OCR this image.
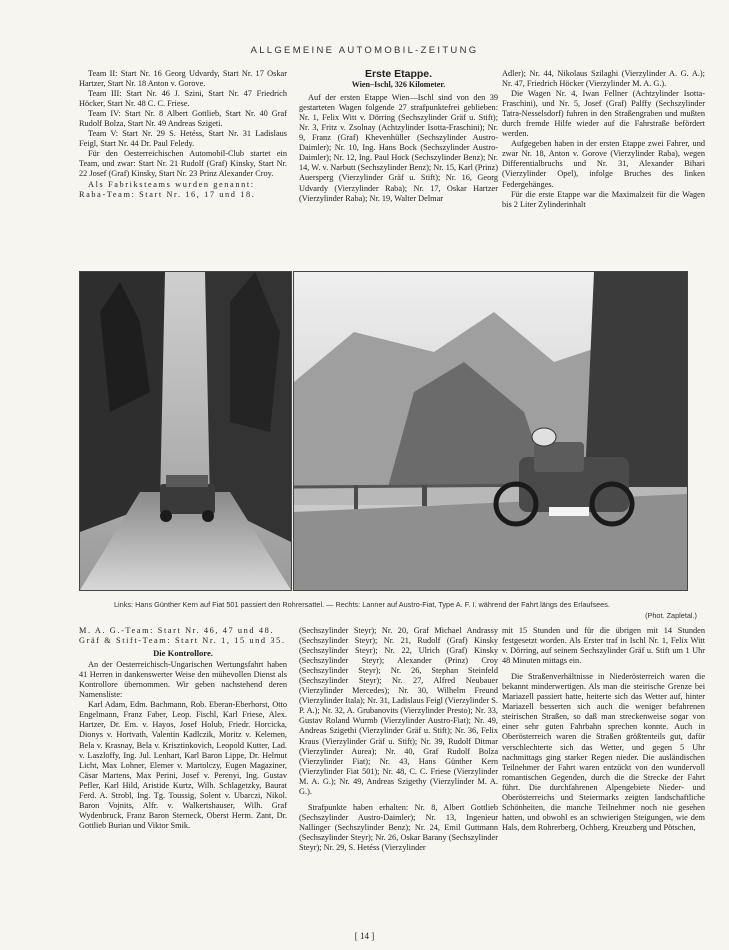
ALLGEMEINE AUTOMOBIL-ZEITUNG

Team II: Start Nr. 16 Georg Udvardy, Start Nr. 17 Oskar Hartzer, Start Nr. 18 Anton v. Gorove.

Team III: Start Nr. 46 J. Szini, Start Nr. 47 Friedrich Höcker, Start Nr. 48 C. C. Friese.

Team IV: Start Nr. 8 Albert Gottlieb, Start Nr. 40 Graf Rudolf Bolza, Start Nr. 49 Andreas Szigeti.

Team V: Start Nr. 29 S. Hetéss, Start Nr. 31 Ladislaus Feigl, Start Nr. 44 Dr. Paul Feledy.

Für den Oesterreichischen Automobil-Club startet ein Team, und zwar: Start Nr. 21 Rudolf (Graf) Kinsky, Start Nr. 22 Josef (Graf) Kinsky, Start Nr. 23 Prinz Alexander Croy.

Als Fabriksteams wurden genannt:

Raba-Team: Start Nr. 16, 17 und 18.

Erste Etappe.
Wien–Ischl, 326 Kilometer.

Auf der ersten Etappe Wien—Ischl sind von den 39 gestarteten Wagen folgende 27 strafpunktefrei geblieben: Nr. 1, Felix Witt v. Dörring (Sechszylinder Gräf u. Stift); Nr. 3, Fritz v. Zsolnay (Achtzylinder Isotta-Fraschini); Nr. 9, Franz (Graf) Khevenhüller (Sechszylinder Austro-Daimler); Nr. 10, Ing. Hans Bock (Sechszylinder Austro-Daimler); Nr. 12, Ing. Paul Hock (Sechszylinder Benz); Nr. 14, W. v. Narbutt (Sechszylinder Benz); Nr. 15, Karl (Prinz) Auersperg (Vierzylinder Gräf u. Stift); Nr. 16, Georg Udvardy (Vierzylinder Raba); Nr. 17, Oskar Hartzer (Vierzylinder Raba); Nr. 19, Walter Delmar

Adler); Nr. 44, Nikolaus Szilaghi (Vierzylinder A. G. A.); Nr. 47, Friedrich Höcker (Vierzylinder M. A. G.).

Die Wagen Nr. 4, Iwan Fellner (Achtzylinder Isotta-Fraschini), und Nr. 5, Josef (Graf) Palffy (Sechszylinder Tatra-Nesselsdorf) fuhren in den Straßengraben und mußten durch fremde Hilfe wieder auf die Fahrstraße befördert werden.

Aufgegeben haben in der ersten Etappe zwei Fahrer, und zwar Nr. 18, Anton v. Gorove (Vierzylinder Raba), wegen Differentialbruchs und Nr. 31, Alexander Bihari (Vierzylinder Opel), infolge Bruches des linken Federgehänges.

Für die erste Etappe war die Maximalzeit für die Wagen bis 2 Liter Zylinderinhalt

Links: Hans Günther Kern auf Fiat 501 passiert den Rohrersattel. — Rechts: Lanner auf Austro-Fiat, Type A. F. I. während der Fahrt längs des Erlaufsees.
(Phot. Zapletal.)

M. A. G.-Team: Start Nr. 46, 47 und 48.

Gräf & Stift-Team: Start Nr. 1, 15 und 35.

Die Kontrollore.

An der Oesterreichisch-Ungarischen Wertungsfahrt haben 41 Herren in dankenswerter Weise den mühevollen Dienst als Kontrollore übernommen. Wir geben nachstehend deren Namensliste:

Karl Adam, Edm. Bachmann, Rob. Eberan-Eberhorst, Otto Engelmann, Franz Faber, Leop. Fischl, Karl Friese, Alex. Hartzer, Dr. Em. v. Hayos, Josef Holub, Friedr. Horcicka, Dionys v. Hortvath, Valentin Kadlczik, Moritz v. Kelemen, Bela v. Krasnay, Bela v. Krisztinkovich, Leopold Kutter, Lad. v. Laszloffy, Ing. Jul. Lenhart, Karl Baron Lippe, Dr. Helmut Licht, Max Lohner, Elemer v. Martolczy, Eugen Magaziner, Cäsar Martens, Max Perini, Josef v. Perenyi, Ing. Gustav Pefler, Karl Hild, Aristide Kurtz, Wilh. Schlagetzky, Baurat Ferd. A. Strobl, Ing. Tg. Toussig, Solent v. Ubarczi, Nikol. Baron Vojnits, Alfr. v. Walkertshauser, Wilh. Graf Wydenbruck, Franz Baron Sterneck, Oberst Herm. Zant, Dr. Gottlieb Burian und Viktor Smik.

(Sechszylinder Steyr); Nr. 20, Graf Michael Andrassy (Sechszylinder Steyr); Nr. 21, Rudolf (Graf) Kinsky (Sechszylinder Steyr); Nr. 22, Ulrich (Graf) Kinsky (Sechszylinder Steyr); Alexander (Prinz) Croy (Sechszylinder Steyr); Nr. 26, Stephan Steinfeld (Sechszylinder Steyr); Nr. 27, Alfred Neubauer (Vierzylinder Mercedes); Nr. 30, Wilhelm Freund (Vierzylinder Itala); Nr. 31, Ladislaus Feigl (Vierzylinder S. P. A.); Nr. 32, A. Grubanovits (Vierzylinder Presto); Nr. 33, Gustav Roland Wurmb (Vierzylinder Austro-Fiat); Nr. 49, Andreas Szigethi (Vierzylinder Gräf u. Stift); Nr. 36, Felix Kraus (Vierzylinder Gräf u. Stift); Nr. 39, Rudolf Ditmar (Vierzylinder Aurea); Nr. 40, Graf Rudolf Bolza (Vierzylinder Fiat); Nr. 43, Hans Günther Kern (Vierzylinder Fiat 501); Nr. 48, C. C. Friese (Vierzylinder M. A. G.); Nr. 49, Andreas Szigethy (Vierzylinder M. A. G.).

Strafpunkte haben erhalten: Nr. 8, Albert Gottlieb (Sechszylinder Austro-Daimler); Nr. 13, Ingenieur Nallinger (Sechszylinder Benz); Nr. 24, Emil Guttmann (Sechszylinder Steyr); Nr. 26, Oskar Barany (Sechszylinder Steyr); Nr. 29, S. Hetéss (Vierzylinder

mit 15 Stunden und für die übrigen mit 14 Stunden festgesetzt worden. Als Erster traf in Ischl Nr. 1, Felix Witt v. Dörring, auf seinem Sechszylinder Gräf u. Stift um 1 Uhr 48 Minuten mittags ein.

Die Straßenverhältnisse in Niederösterreich waren die bekannt minderwertigen. Als man die steirische Grenze bei Mariazell passiert hatte, heiterte sich das Wetter auf, hinter Mariazell besserten sich auch die weniger befahrenen steirischen Straßen, so daß man streckenweise sogar von einer sehr guten Fahrbahn sprechen konnte. Auch in Oberösterreich waren die Straßen größtenteils gut, dafür verschlechterte sich das Wetter, und gegen 5 Uhr nachmittags ging starker Regen nieder. Die ausländischen Teilnehmer der Fahrt waren entzückt von den wundervoll romantischen Gegenden, durch die die Strecke der Fahrt führt. Die durchfahrenen Alpengebiete Nieder- und Oberösterreichs und Steiermarks zeigten landschaftliche Schönheiten, die manche Teilnehmer noch nie gesehen hatten, und obwohl es an schwierigen Steigungen, wie dem Hals, dem Rohrerberg, Ochberg, Kreuzberg und Pötschen,

[ 14 ]
